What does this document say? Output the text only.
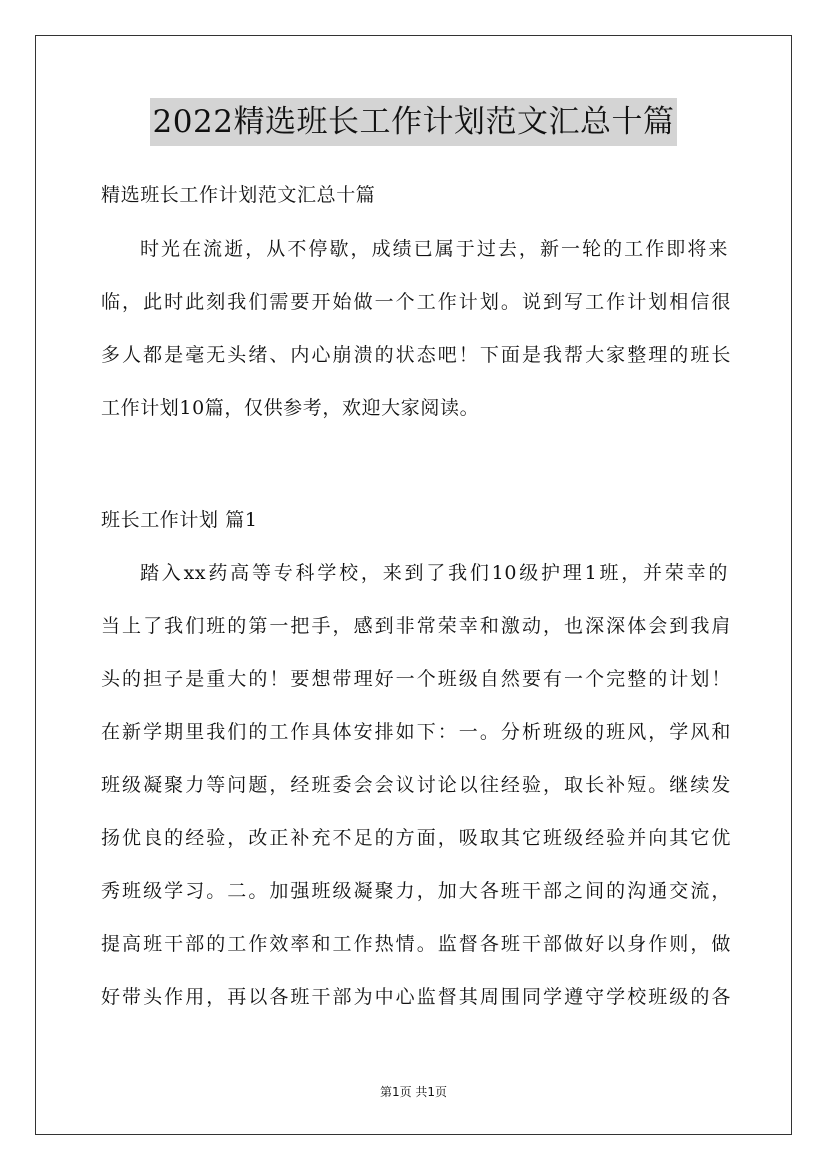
2022精选班长工作计划范文汇总十篇
精选班长工作计划范文汇总十篇
时光在流逝，从不停歇，成绩已属于过去，新一轮的工作即将来
临，此时此刻我们需要开始做一个工作计划。说到写工作计划相信很
多人都是毫无头绪、内心崩溃的状态吧！下面是我帮大家整理的班长
工作计划10篇，仅供参考，欢迎大家阅读。
班长工作计划 篇1
踏入xx药高等专科学校，来到了我们10级护理1班，并荣幸的
当上了我们班的第一把手，感到非常荣幸和激动，也深深体会到我肩
头的担子是重大的！要想带理好一个班级自然要有一个完整的计划！
在新学期里我们的工作具体安排如下：一。分析班级的班风，学风和
班级凝聚力等问题，经班委会会议讨论以往经验，取长补短。继续发
扬优良的经验，改正补充不足的方面，吸取其它班级经验并向其它优
秀班级学习。二。加强班级凝聚力，加大各班干部之间的沟通交流，
提高班干部的工作效率和工作热情。监督各班干部做好以身作则，做
好带头作用，再以各班干部为中心监督其周围同学遵守学校班级的各
第1页 共1页
